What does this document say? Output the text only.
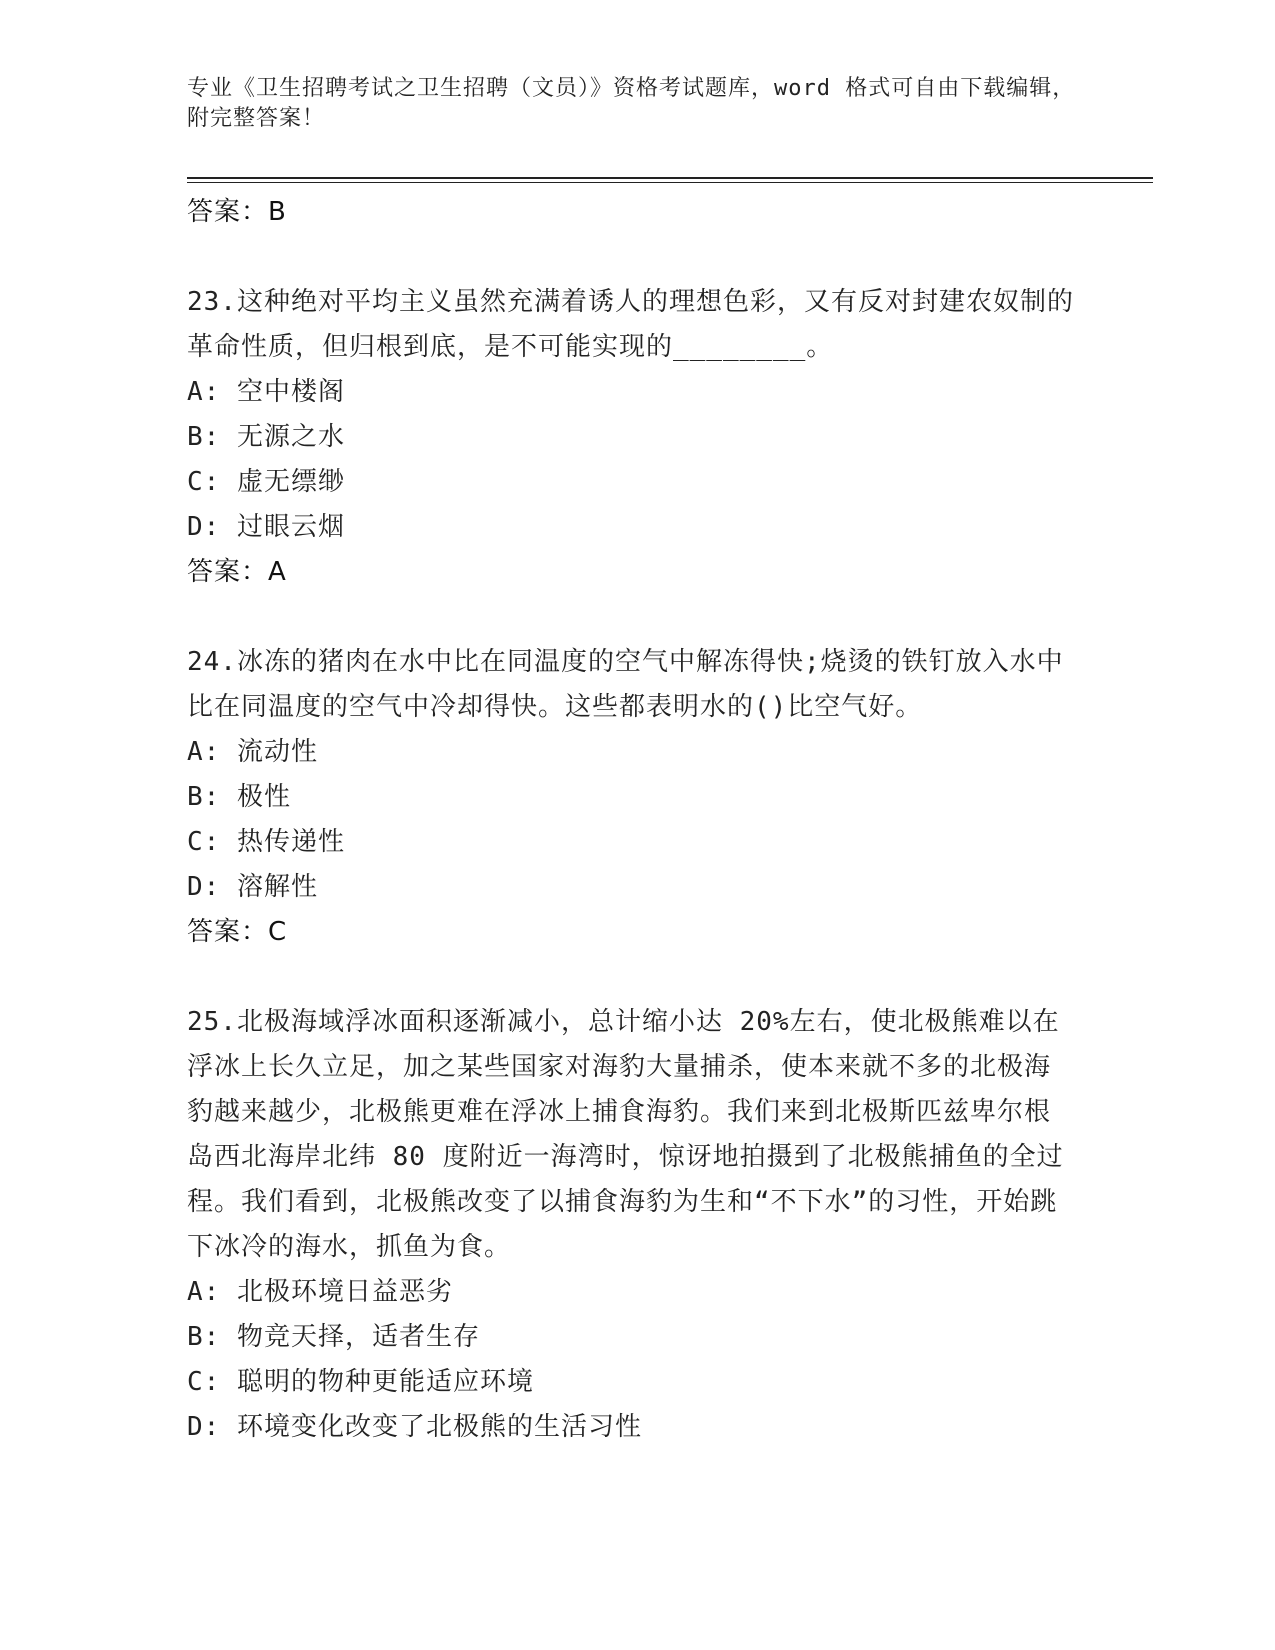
专业《卫生招聘考试之卫生招聘（文员）》资格考试题库，word 格式可自由下载编辑，附完整答案！
答案：B
23.这种绝对平均主义虽然充满着诱人的理想色彩，又有反对封建农奴制的革命性质，但归根到底，是不可能实现的________。
A: 空中楼阁
B: 无源之水
C: 虚无缥缈
D: 过眼云烟
答案：A
24.冰冻的猪肉在水中比在同温度的空气中解冻得快;烧烫的铁钉放入水中比在同温度的空气中冷却得快。这些都表明水的()比空气好。
A: 流动性
B: 极性
C: 热传递性
D: 溶解性
答案：C
25.北极海域浮冰面积逐渐减小，总计缩小达 20%左右，使北极熊难以在浮冰上长久立足，加之某些国家对海豹大量捕杀，使本来就不多的北极海豹越来越少，北极熊更难在浮冰上捕食海豹。我们来到北极斯匹兹卑尔根岛西北海岸北纬 80 度附近一海湾时，惊讶地拍摄到了北极熊捕鱼的全过程。我们看到，北极熊改变了以捕食海豹为生和“不下水”的习性，开始跳下冰冷的海水，抓鱼为食。
A: 北极环境日益恶劣
B: 物竞天择，适者生存
C: 聪明的物种更能适应环境
D: 环境变化改变了北极熊的生活习性
